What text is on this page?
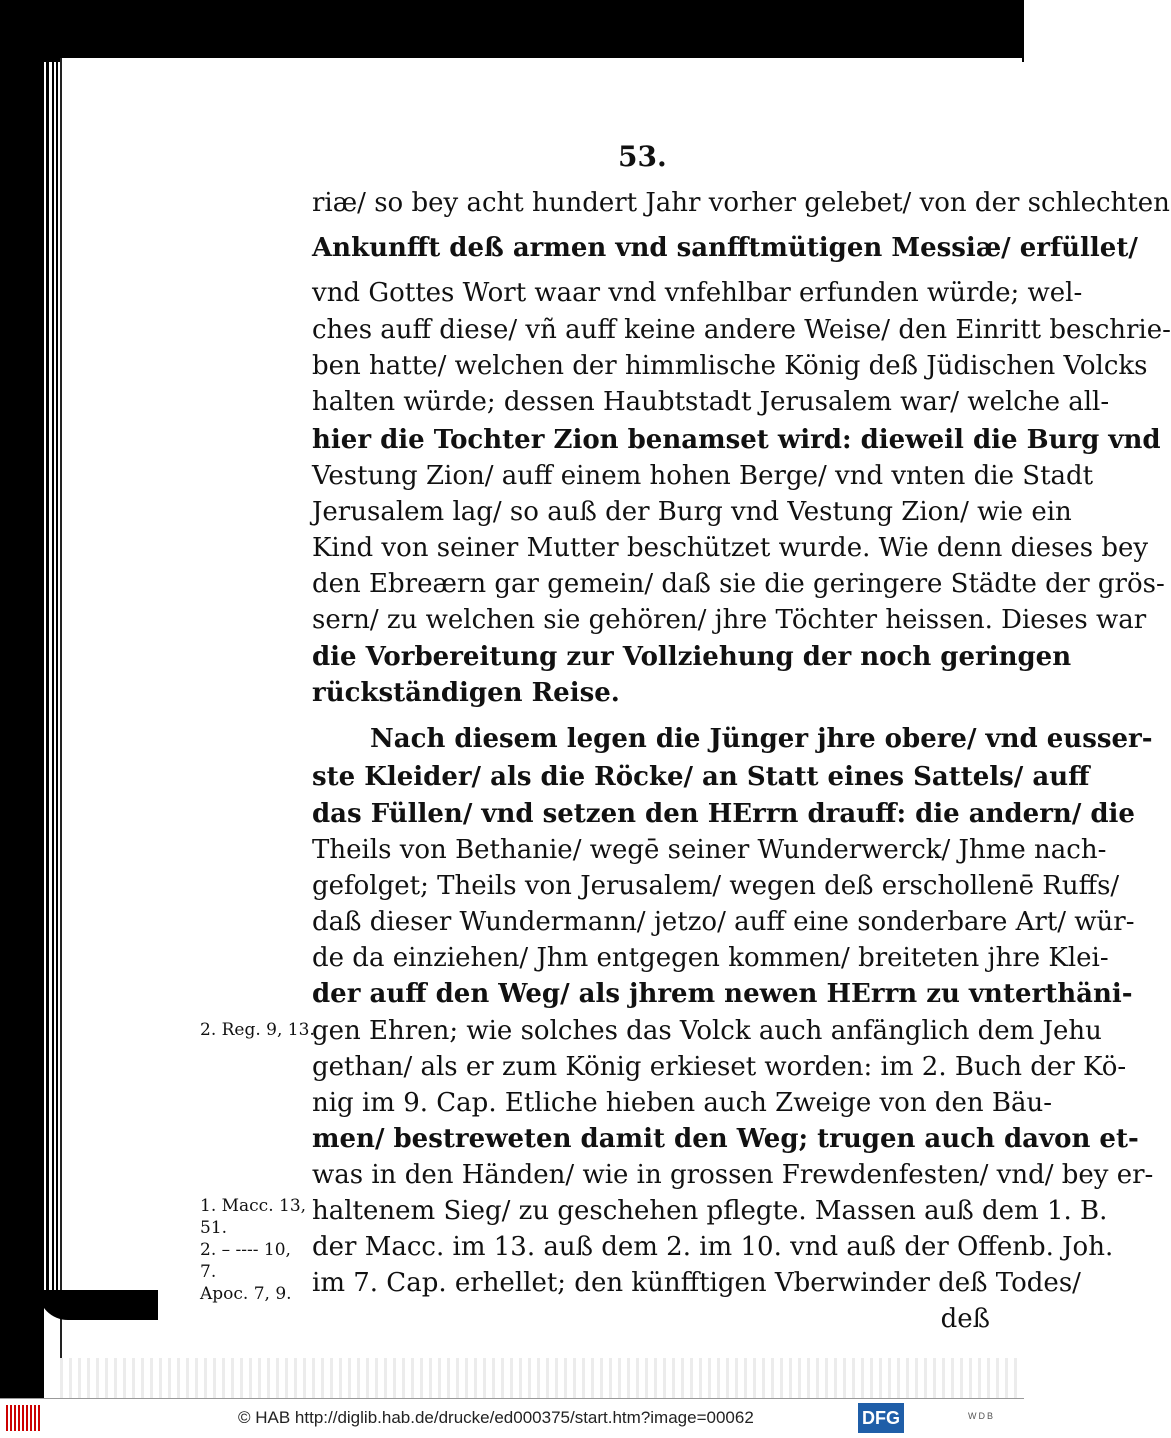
53.
riæ/ so bey acht hundert Jahr vorher gelebet/ von der schlechten
Ankunfft deß armen vnd sanfftmütigen Messiæ/ erfüllet/
vnd Gottes Wort waar vnd vnfehlbar erfunden würde; wel-
ches auff diese/ vñ auff keine andere Weise/ den Einritt beschrie-
ben hatte/ welchen der himmlische König deß Jüdischen Volcks
halten würde; dessen Haubtstadt Jerusalem war/ welche all-
hier die Tochter Zion benamset wird: dieweil die Burg vnd
Vestung Zion/ auff einem hohen Berge/ vnd vnten die Stadt
Jerusalem lag/ so auß der Burg vnd Vestung Zion/ wie ein
Kind von seiner Mutter beschützet wurde. Wie denn dieses bey
den Ebreærn gar gemein/ daß sie die geringere Städte der grös-
sern/ zu welchen sie gehören/ jhre Töchter heissen. Dieses war
die Vorbereitung zur Vollziehung der noch geringen
rückständigen Reise.
Nach diesem legen die Jünger jhre obere/ vnd eusser-
ste Kleider/ als die Röcke/ an Statt eines Sattels/ auff
das Füllen/ vnd setzen den HErrn drauff: die andern/ die
Theils von Bethanie/ wegē seiner Wunderwerck/ Jhme nach-
gefolget; Theils von Jerusalem/ wegen deß erschollenē Ruffs/
daß dieser Wundermann/ jetzo/ auff eine sonderbare Art/ wür-
de da einziehen/ Jhm entgegen kommen/ breiteten jhre Klei-
der auff den Weg/ als jhrem newen HErrn zu vnterthäni-
gen Ehren; wie solches das Volck auch anfänglich dem Jehu
gethan/ als er zum König erkieset worden: im 2. Buch der Kö-
nig im 9. Cap. Etliche hieben auch Zweige von den Bäu-
men/ bestreweten damit den Weg; trugen auch davon et-
was in den Händen/ wie in grossen Frewdenfesten/ vnd/ bey er-
haltenem Sieg/ zu geschehen pflegte. Massen auß dem 1. B.
der Macc. im 13. auß dem 2. im 10. vnd auß der Offenb. Joh.
im 7. Cap. erhellet; den künfftigen Vberwinder deß Todes/
deß
2. Reg. 9, 13.
1. Macc. 13,
51.
2. – ---- 10,
7.
Apoc. 7, 9.
© HAB http://diglib.hab.de/drucke/ed000375/start.htm?image=00062	DFG	WDB
